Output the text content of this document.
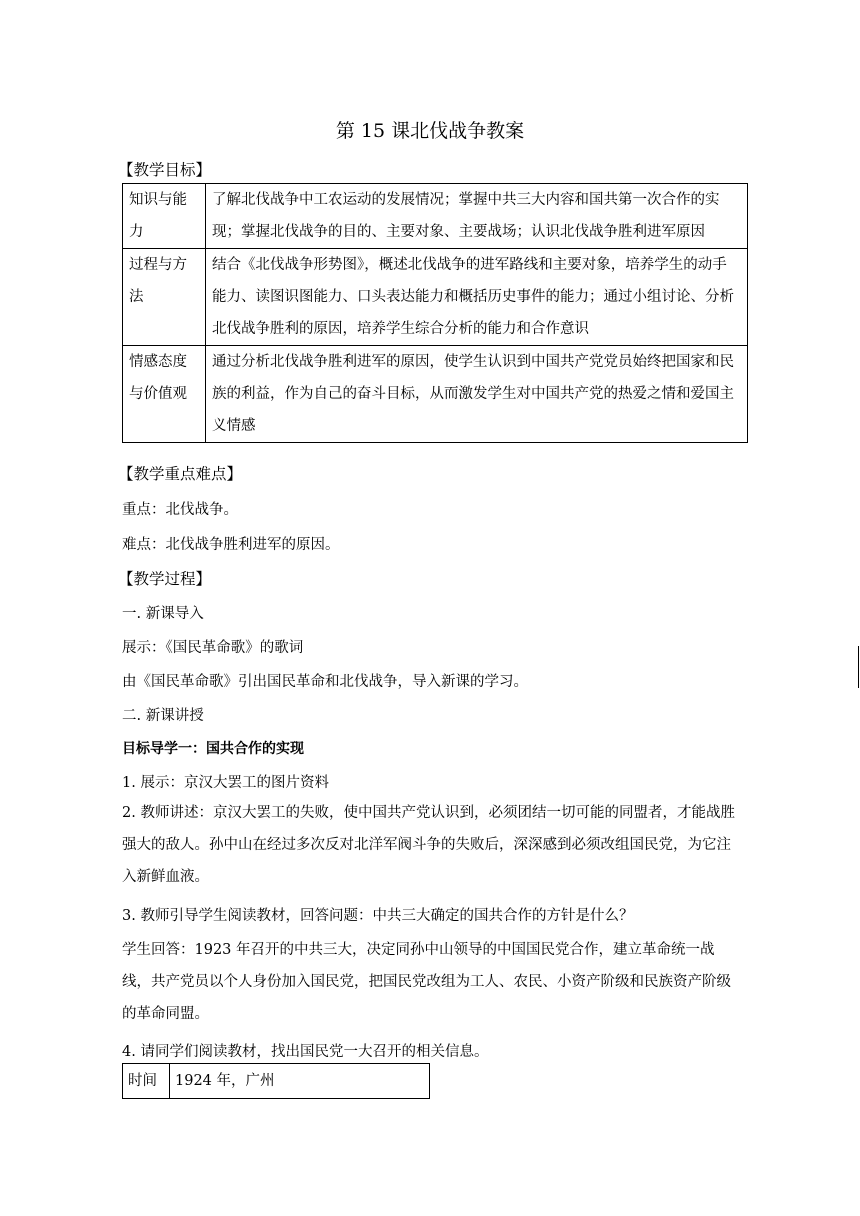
第 15 课北伐战争教案
【教学目标】
知识与能力	了解北伐战争中工农运动的发展情况；掌握中共三大内容和国共第一次合作的实现；掌握北伐战争的目的、主要对象、主要战场；认识北伐战争胜利进军原因
过程与方法	结合《北伐战争形势图》，概述北伐战争的进军路线和主要对象，培养学生的动手能力、读图识图能力、口头表达能力和概括历史事件的能力；通过小组讨论、分析北伐战争胜利的原因，培养学生综合分析的能力和合作意识
情感态度与价值观	通过分析北伐战争胜利进军的原因，使学生认识到中国共产党党员始终把国家和民族的利益，作为自己的奋斗目标，从而激发学生对中国共产党的热爱之情和爱国主义情感
【教学重点难点】
重点：北伐战争。
难点：北伐战争胜利进军的原因。
【教学过程】
一. 新课导入
展示：《国民革命歌》的歌词
由《国民革命歌》引出国民革命和北伐战争，导入新课的学习。
二. 新课讲授
目标导学一：国共合作的实现
1. 展示：京汉大罢工的图片资料
2. 教师讲述：京汉大罢工的失败，使中国共产党认识到，必须团结一切可能的同盟者，才能战胜强大的敌人。孙中山在经过多次反对北洋军阀斗争的失败后，深深感到必须改组国民党，为它注入新鲜血液。
3. 教师引导学生阅读教材，回答问题：中共三大确定的国共合作的方针是什么？
学生回答：1923 年召开的中共三大，决定同孙中山领导的中国国民党合作，建立革命统一战线，共产党员以个人身份加入国民党，把国民党改组为工人、农民、小资产阶级和民族资产阶级的革命同盟。
4. 请同学们阅读教材，找出国民党一大召开的相关信息。
时间	1924 年，广州
